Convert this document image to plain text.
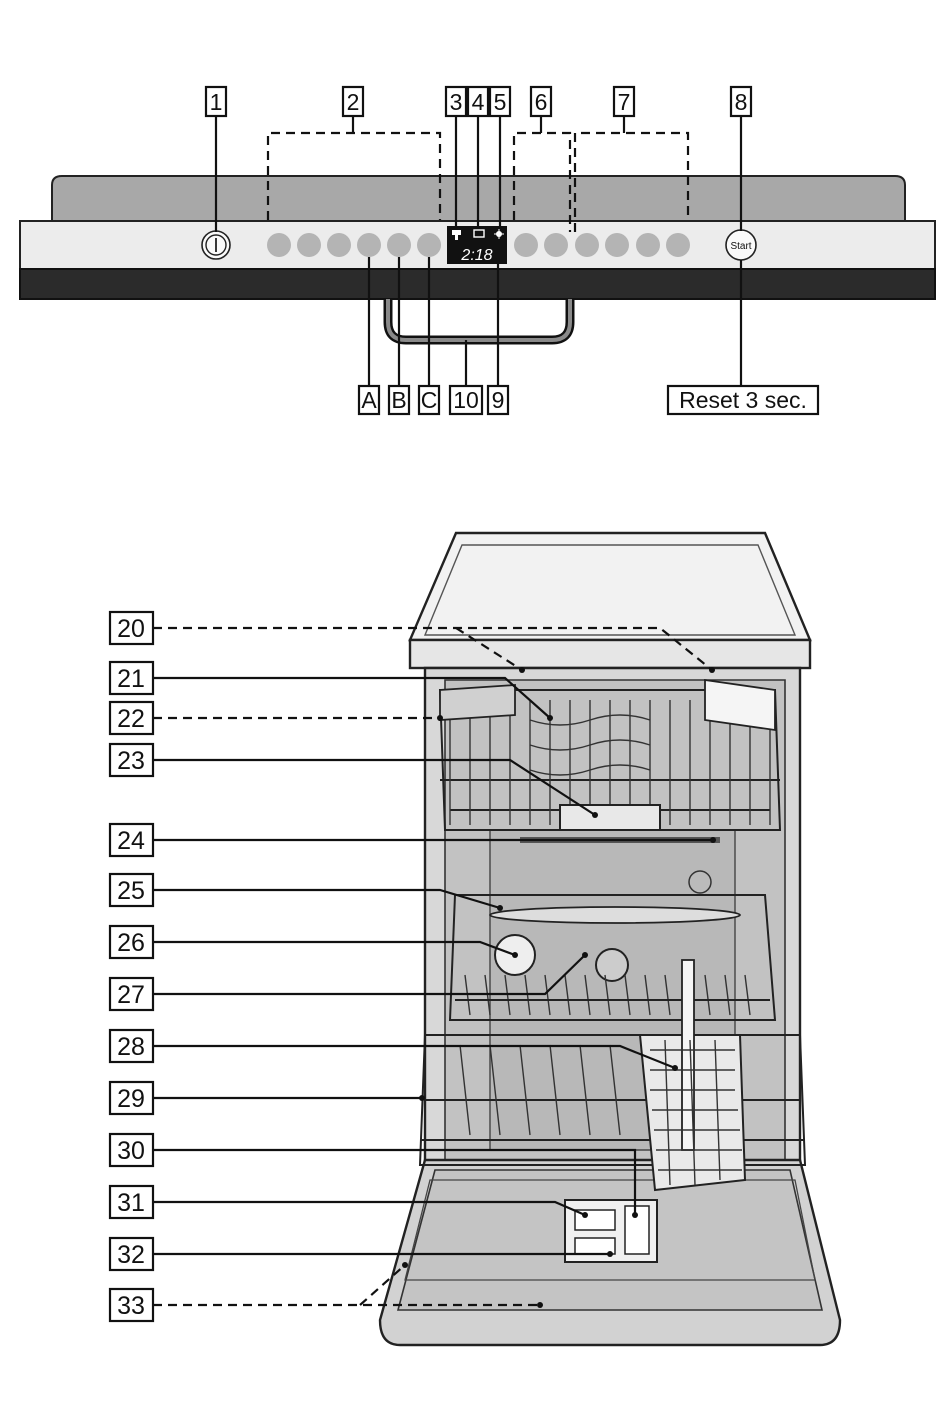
2:18
Start
1	2	3 4 5 6	7	8
A B C 10 9	Reset 3 sec.
20
21
22
23
24
25
26
27
28
29
30
31
32
33
